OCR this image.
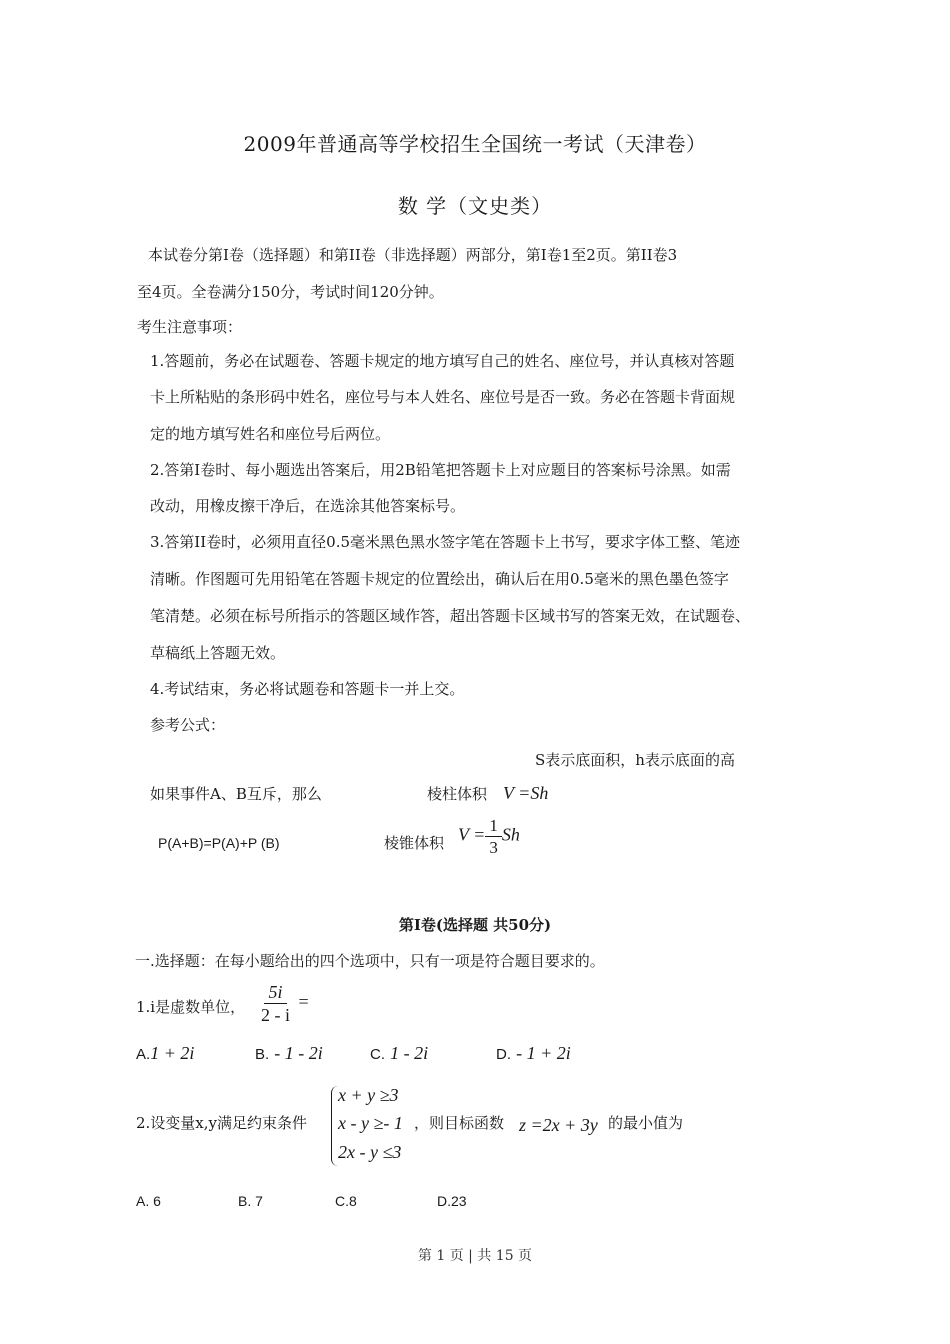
2009年普通高等学校招生全国统一考试（天津卷）
数 学（文史类）
本试卷分第I卷（选择题）和第II卷（非选择题）两部分，第I卷1至2页。第II卷3
至4页。全卷满分150分，考试时间120分钟。
考生注意事项：
1.答题前，务必在试题卷、答题卡规定的地方填写自己的姓名、座位号，并认真核对答题
卡上所粘贴的条形码中姓名，座位号与本人姓名、座位号是否一致。务必在答题卡背面规
定的地方填写姓名和座位号后两位。
2.答第I卷时、每小题选出答案后，用2B铅笔把答题卡上对应题目的答案标号涂黑。如需
改动，用橡皮擦干净后，在选涂其他答案标号。
3.答第II卷时，必须用直径0.5毫米黑色黑水签字笔在答题卡上书写，要求字体工整、笔迹
清晰。作图题可先用铅笔在答题卡规定的位置绘出，确认后在用0.5毫米的黑色墨色签字
笔清楚。必须在标号所指示的答题区域作答，超出答题卡区域书写的答案无效，在试题卷、
草稿纸上答题无效。
4.考试结束，务必将试题卷和答题卡一并上交。
参考公式：
S表示底面积，h表示底面的高
如果事件A、B互斥，那么	棱柱体积 V =Sh
P(A+B)=P(A)+P (B)	棱锥体积 $V = \frac{1}{3}$ Sh
第I卷(选择题 共50分)
一.选择题：在每小题给出的四个选项中，只有一项是符合题目要求的。
1.i是虚数单位， $\frac{5i}{2 - i}$ =
A.1 + 2i	B. - 1 - 2i	C. 1 - 2i	D. - 1 + 2i
2.设变量x,y满足约束条件
x + y ≥3
x - y ≥- 1
2x - y ≤3
，则目标函数 z =2x + 3y 的最小值为
A. 6	B. 7	C.8	D.23
第 1 页 | 共 15 页
